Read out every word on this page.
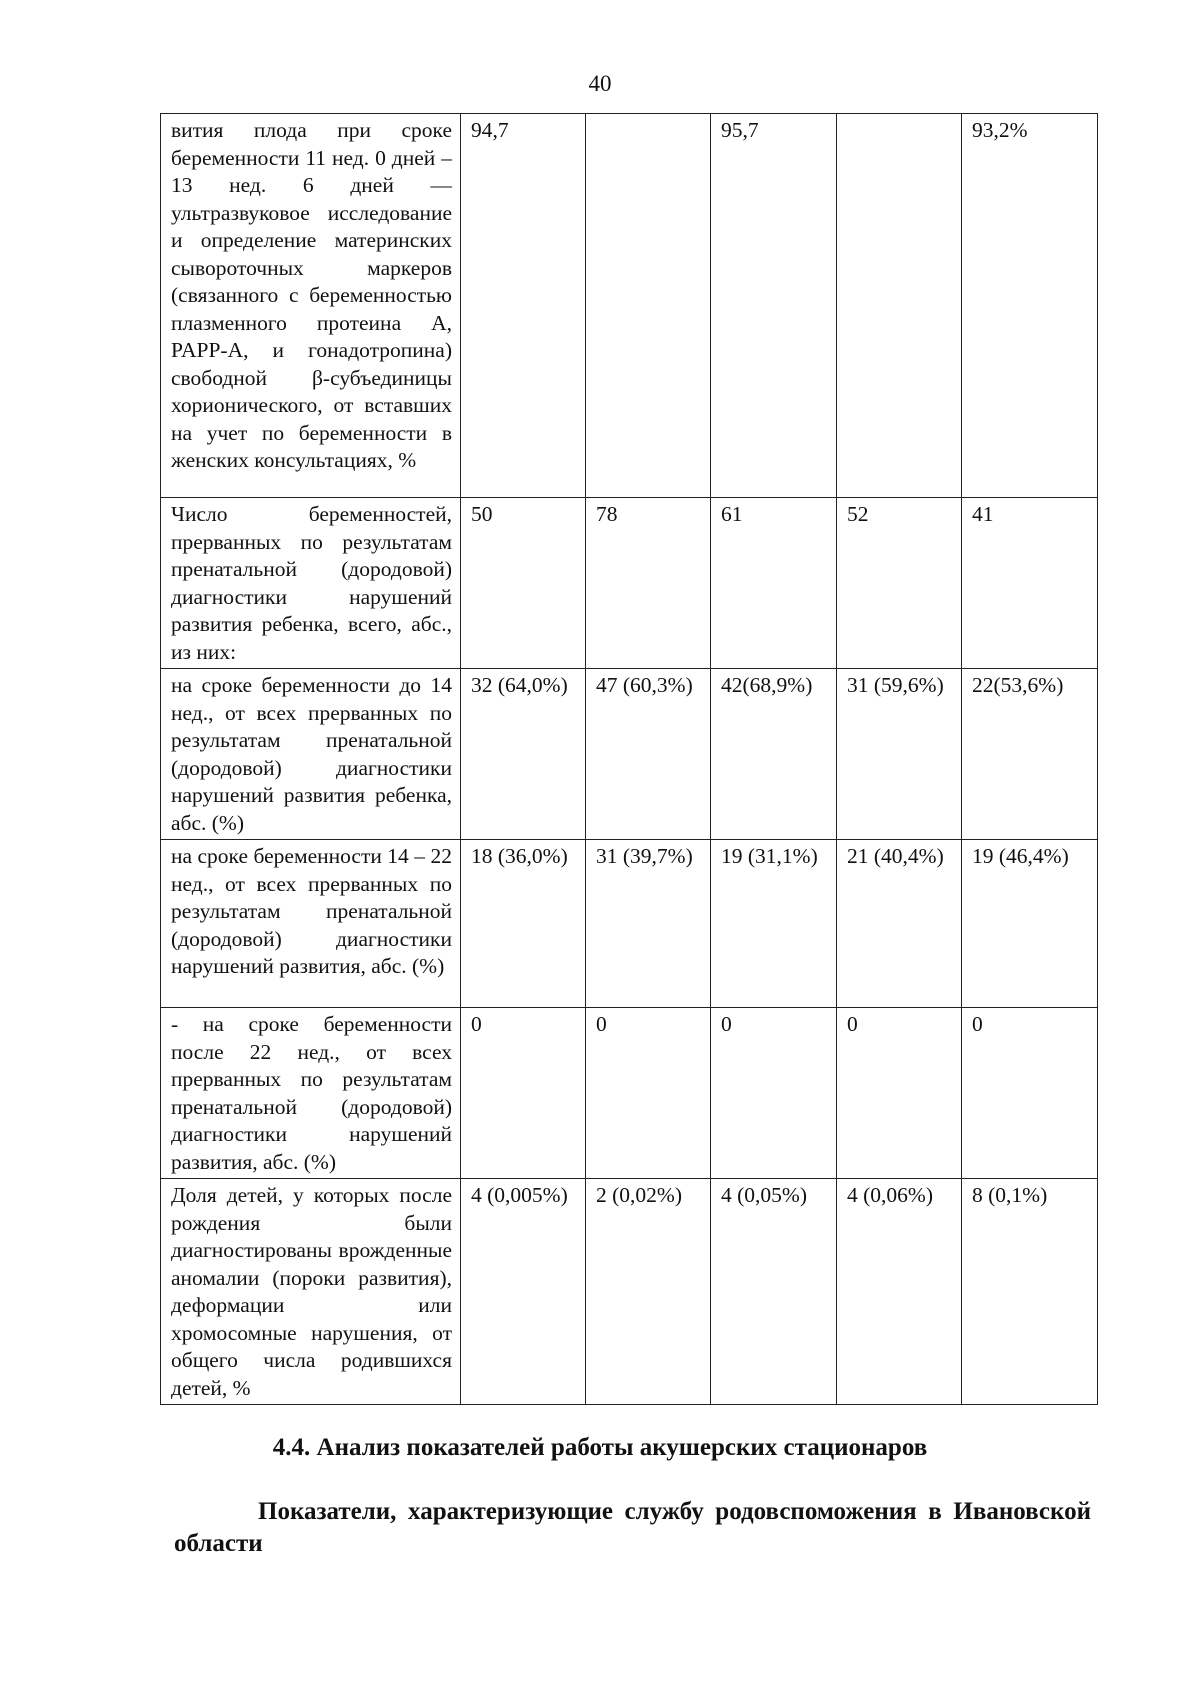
40
вития плода при сроке беременности 11 нед. 0 дней – 13 нед. 6 дней — ультразвуковое исследование и определение материнских сывороточных маркеров (связанного с беременностью плазменного протеина А, PAPP-A, и гонадотропина) свободной β-субъединицы хорионического, от вставших на учет по беременности в женских консультациях, %	94,7		95,7		93,2%
Число беременностей, прерванных по результатам пренатальной (дородовой) диагностики нарушений развития ребенка, всего, абс., из них:	50	78	61	52	41
на сроке беременности до 14 нед., от всех прерванных по результатам пренатальной (дородовой) диагностики нарушений развития ребенка, абс. (%)	32 (64,0%)	47 (60,3%)	42(68,9%)	31 (59,6%)	22(53,6%)
на сроке беременности 14 – 22 нед., от всех прерванных по результатам пренатальной (дородовой) диагностики нарушений развития, абс. (%)	18 (36,0%)	31 (39,7%)	19 (31,1%)	21 (40,4%)	19 (46,4%)
- на сроке беременности после 22 нед., от всех прерванных по результатам пренатальной (дородовой) диагностики нарушений развития, абс. (%)	0	0	0	0	0
Доля детей, у которых после рождения были диагностированы врожденные аномалии (пороки развития), деформации или хромосомные нарушения, от общего числа родившихся детей, %	4 (0,005%)	2 (0,02%)	4 (0,05%)	4 (0,06%)	8 (0,1%)
4.4. Анализ показателей работы акушерских стационаров
Показатели, характеризующие службу родовспоможения в Ивановской области
